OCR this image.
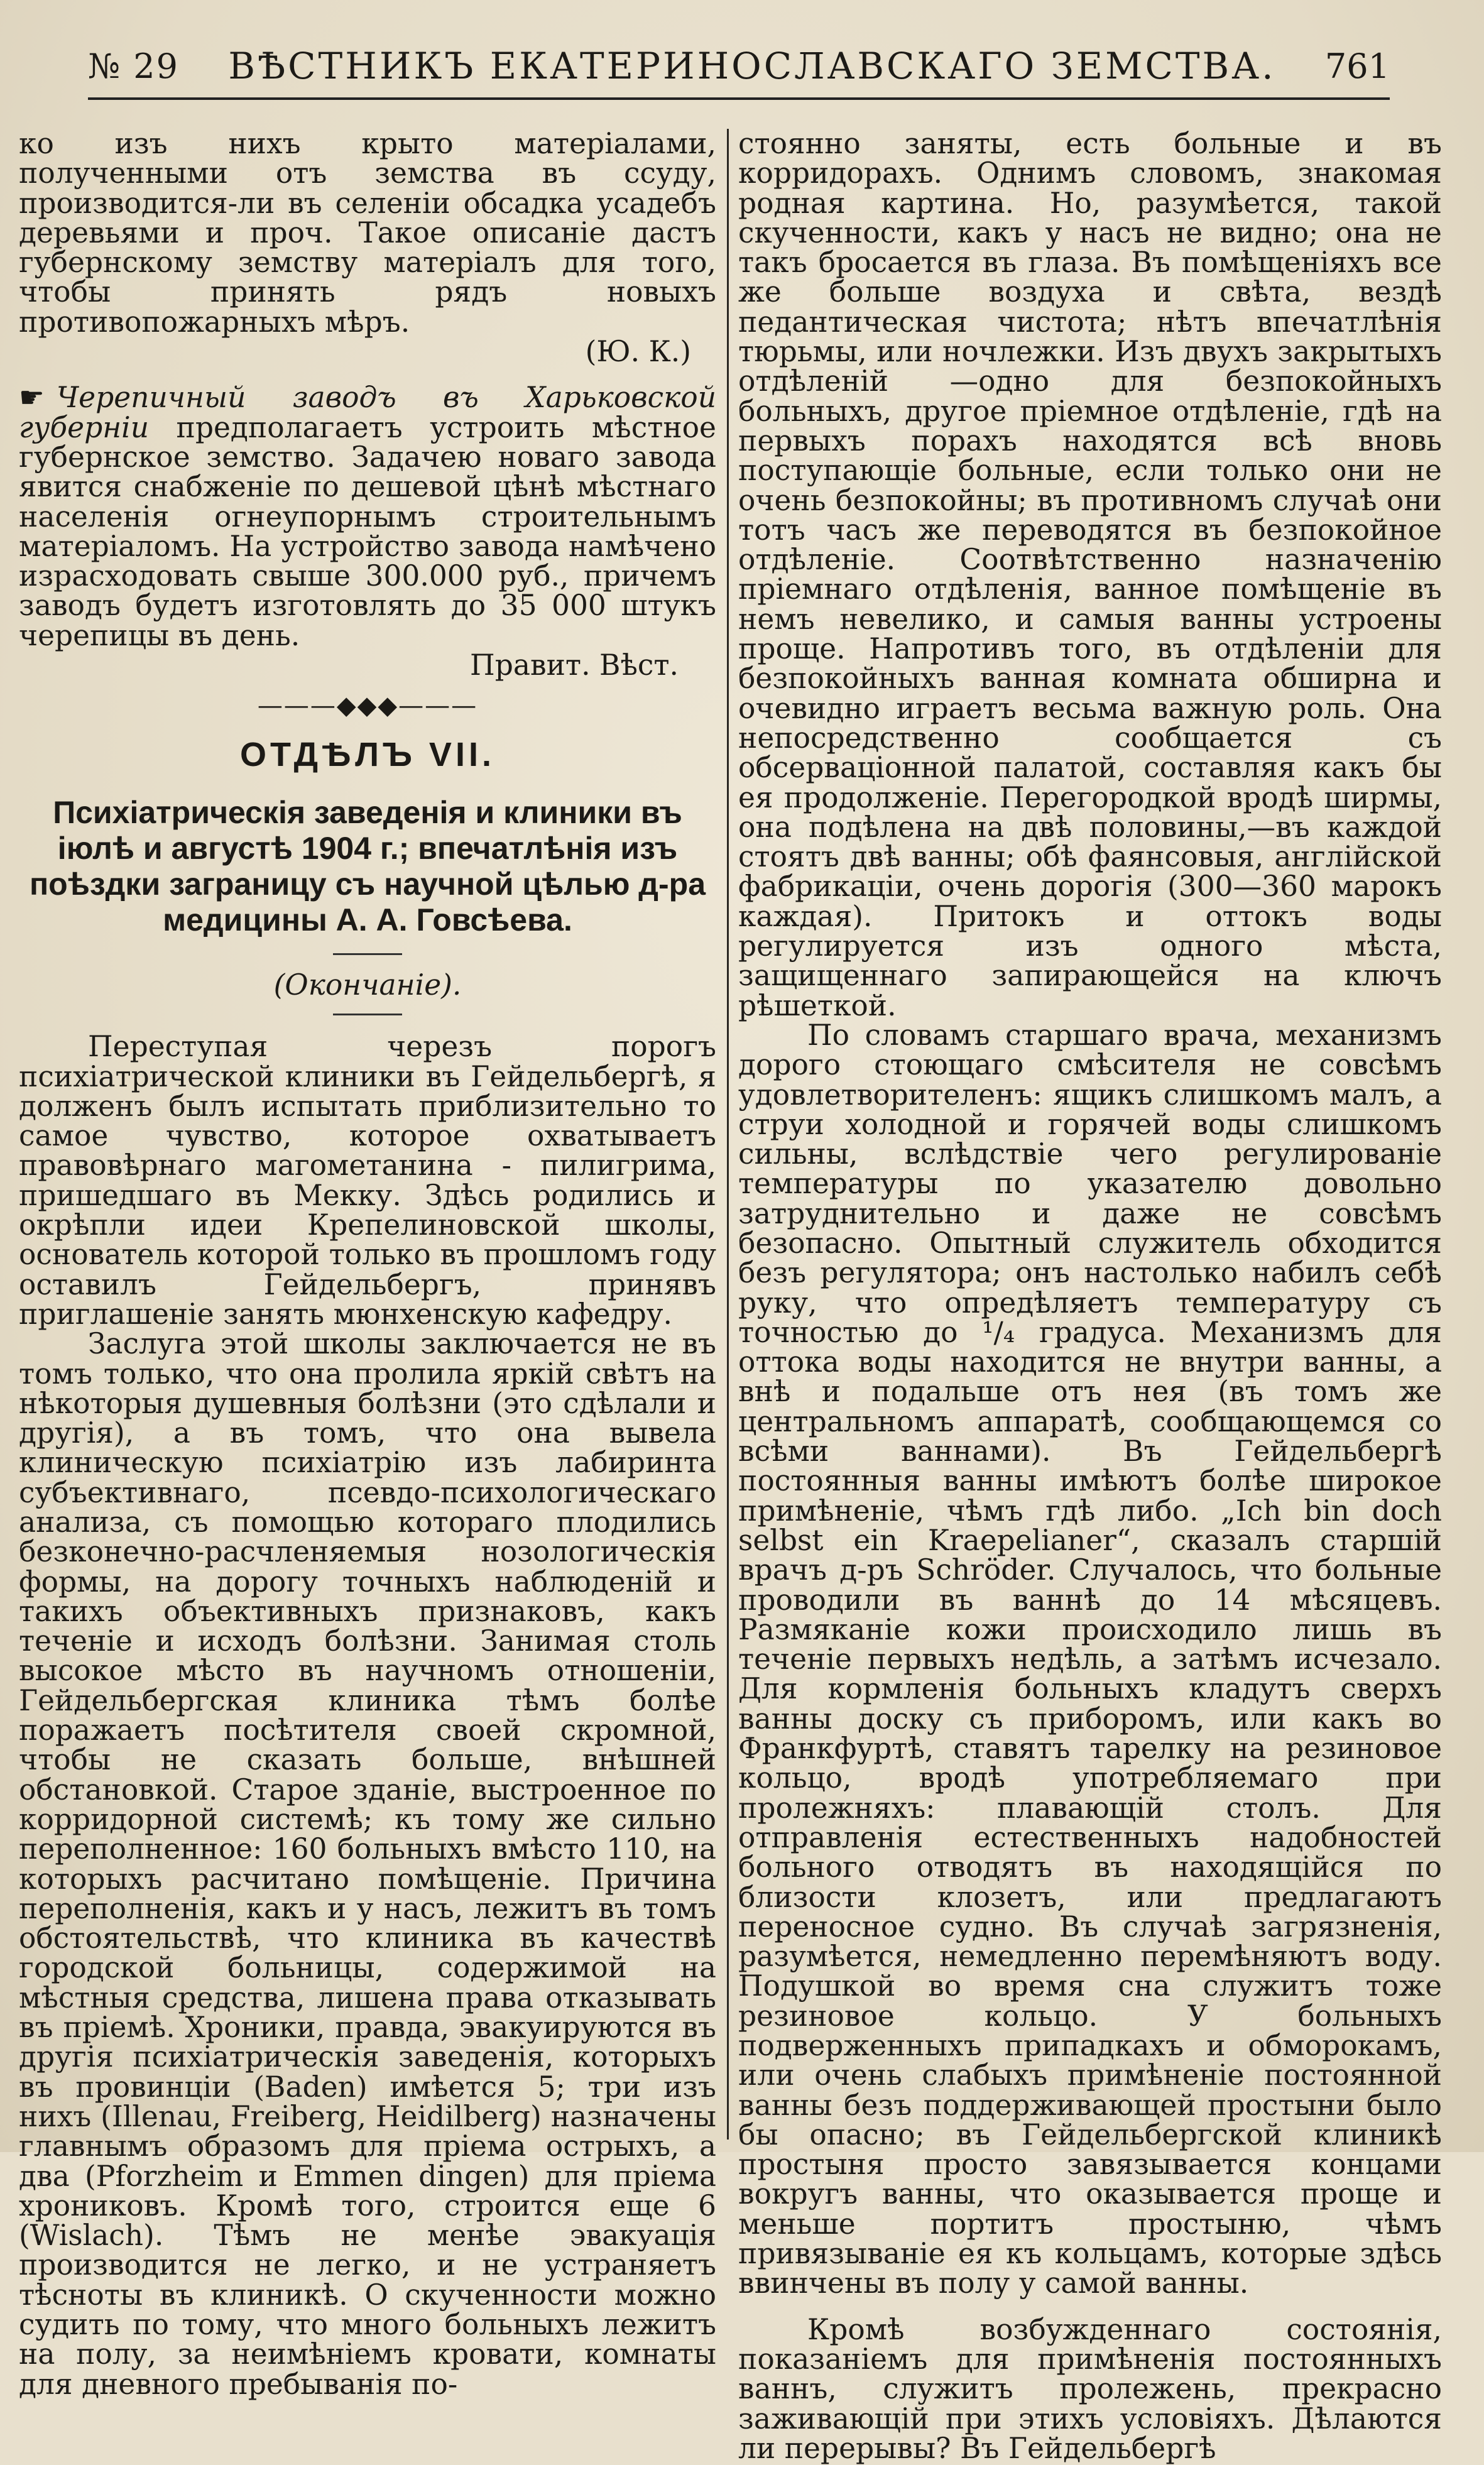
№ 29 ВѢСТНИКЪ ЕКАТЕРИНОСЛАВСКАГО ЗЕМСТВА. 761

ко изъ нихъ крыто матеріалами, полученными отъ земства въ ссуду, производится-ли въ селеніи обсадка усадебъ деревьями и проч. Такое описаніе дастъ губернскому земству матеріалъ для того, чтобы принять рядъ новыхъ противопожарныхъ мѣръ.

(Ю. К.)

☛ Черепичный заводъ въ Харьковской губерніи предполагаетъ устроить мѣстное губернское земство. Задачею новаго завода явится снабженіе по дешевой цѣнѣ мѣстнаго населенія огнеупорнымъ строительнымъ матеріаломъ. На устройство завода намѣчено израсходовать свыше 300.000 руб., причемъ заводъ будетъ изготовлять до 35 000 штукъ черепицы въ день.

Правит. Вѣст.

———◆◆◆———
ОТДѢЛЪ VII.
Психіатрическія заведенія и клиники въ іюлѣ и августѣ 1904 г.; впечатлѣнія изъ поѣздки заграницу съ научной цѣлью д-ра медицины А. А. Говсѣева.
(Окончаніе).

Переступая черезъ порогъ психіатрической клиники въ Гейдельбергѣ, я долженъ былъ испытать приблизительно то самое чувство, которое охватываетъ правовѣрнаго магометанина - пилигрима, пришедшаго въ Мекку. Здѣсь родились и окрѣпли идеи Крепелиновской школы, основатель которой только въ прошломъ году оставилъ Гейдельбергъ, принявъ приглашеніе занять мюнхенскую кафедру.

Заслуга этой школы заключается не въ томъ только, что она пролила яркій свѣтъ на нѣкоторыя душевныя болѣзни (это сдѣлали и другія), а въ томъ, что она вывела клиническую психіатрію изъ лабиринта субъективнаго, псевдо-психологическаго анализа, съ помощью котораго плодились безконечно-расчленяемыя нозологическія формы, на дорогу точныхъ наблюденій и такихъ объективныхъ признаковъ, какъ теченіе и исходъ болѣзни. Занимая столь высокое мѣсто въ научномъ отношеніи, Гейдельбергская клиника тѣмъ болѣе поражаетъ посѣтителя своей скромной, чтобы не сказать больше, внѣшней обстановкой. Старое зданіе, выстроенное по корридорной системѣ; къ тому же сильно переполненное: 160 больныхъ вмѣсто 110, на которыхъ расчитано помѣщеніе. Причина переполненія, какъ и у насъ, лежитъ въ томъ обстоятельствѣ, что клиника въ качествѣ городской больницы, содержимой на мѣстныя средства, лишена права отказывать въ пріемѣ. Хроники, правда, эвакуируются въ другія психіатрическія заведенія, которыхъ въ провинціи (Baden) имѣется 5; три изъ нихъ (Illenau, Freiberg, Heidilberg) назначены главнымъ образомъ для пріема острыхъ, а два (Pforzheim и Emmen dingen) для пріема хрониковъ. Кромѣ того, строится еще 6 (Wislach). Тѣмъ не менѣе эвакуація производится не легко, и не устраняетъ тѣсноты въ клиникѣ. О скученности можно судить по тому, что много больныхъ лежитъ на полу, за неимѣніемъ кровати, комнаты для дневного пребыванія по-

стоянно заняты, есть больные и въ корридорахъ. Однимъ словомъ, знакомая родная картина. Но, разумѣется, такой скученности, какъ у насъ не видно; она не такъ бросается въ глаза. Въ помѣщеніяхъ все же больше воздуха и свѣта, вездѣ педантическая чистота; нѣтъ впечатлѣнія тюрьмы, или ночлежки. Изъ двухъ закрытыхъ отдѣленій —одно для безпокойныхъ больныхъ, другое пріемное отдѣленіе, гдѣ на первыхъ порахъ находятся всѣ вновь поступающіе больные, если только они не очень безпокойны; въ противномъ случаѣ они тотъ часъ же переводятся въ безпокойное отдѣленіе. Соотвѣтственно назначенію пріемнаго отдѣленія, ванное помѣщеніе въ немъ невелико, и самыя ванны устроены проще. Напротивъ того, въ отдѣленіи для безпокойныхъ ванная комната обширна и очевидно играетъ весьма важную роль. Она непосредственно сообщается съ обсерваціонной палатой, составляя какъ бы ея продолженіе. Перегородкой вродѣ ширмы, она подѣлена на двѣ половины,—въ каждой стоятъ двѣ ванны; обѣ фаянсовыя, англійской фабрикаціи, очень дорогія (300—360 марокъ каждая). Притокъ и оттокъ воды регулируется изъ одного мѣста, защищеннаго запирающейся на ключъ рѣшеткой.

По словамъ старшаго врача, механизмъ дорого стоющаго смѣсителя не совсѣмъ удовлетворителенъ: ящикъ слишкомъ малъ, а струи холодной и горячей воды слишкомъ сильны, вслѣдствіе чего регулированіе температуры по указателю довольно затруднительно и даже не совсѣмъ безопасно. Опытный служитель обходится безъ регулятора; онъ настолько набилъ себѣ руку, что опредѣляетъ температуру съ точностью до ¹/₄ градуса. Механизмъ для оттока воды находится не внутри ванны, а внѣ и подальше отъ нея (въ томъ же центральномъ аппаратѣ, сообщающемся со всѣми ваннами). Въ Гейдельбергѣ постоянныя ванны имѣютъ болѣе широкое примѣненіе, чѣмъ гдѣ либо. „Ich bin doch selbst ein Kraepelianer“, сказалъ старшій врачъ д-ръ Schröder. Случалось, что больные проводили въ ваннѣ до 14 мѣсяцевъ. Размяканіе кожи происходило лишь въ теченіе первыхъ недѣль, а затѣмъ исчезало. Для кормленія больныхъ кладутъ сверхъ ванны доску съ приборомъ, или какъ во Франкфуртѣ, ставятъ тарелку на резиновое кольцо, вродѣ употребляемаго при пролежняхъ: плавающій столъ. Для отправленія естественныхъ надобностей больного отводятъ въ находящійся по близости клозетъ, или предлагаютъ переносное судно. Въ случаѣ загрязненія, разумѣется, немедленно перемѣняютъ воду. Подушкой во время сна служитъ тоже резиновое кольцо. У больныхъ подверженныхъ припадкахъ и обморокамъ, или очень слабыхъ примѣненіе постоянной ванны безъ поддерживающей простыни было бы опасно; въ Гейдельбергской клиникѣ простыня просто завязывается концами вокругъ ванны, что оказывается проще и меньше портитъ простыню, чѣмъ привязываніе ея къ кольцамъ, которые здѣсь ввинчены въ полу у самой ванны.

Кромѣ возбужденнаго состоянія, показаніемъ для примѣненія постоянныхъ ваннъ, служитъ пролежень, прекрасно заживающій при этихъ условіяхъ. Дѣлаются ли перерывы? Въ Гейдельбергѣ
